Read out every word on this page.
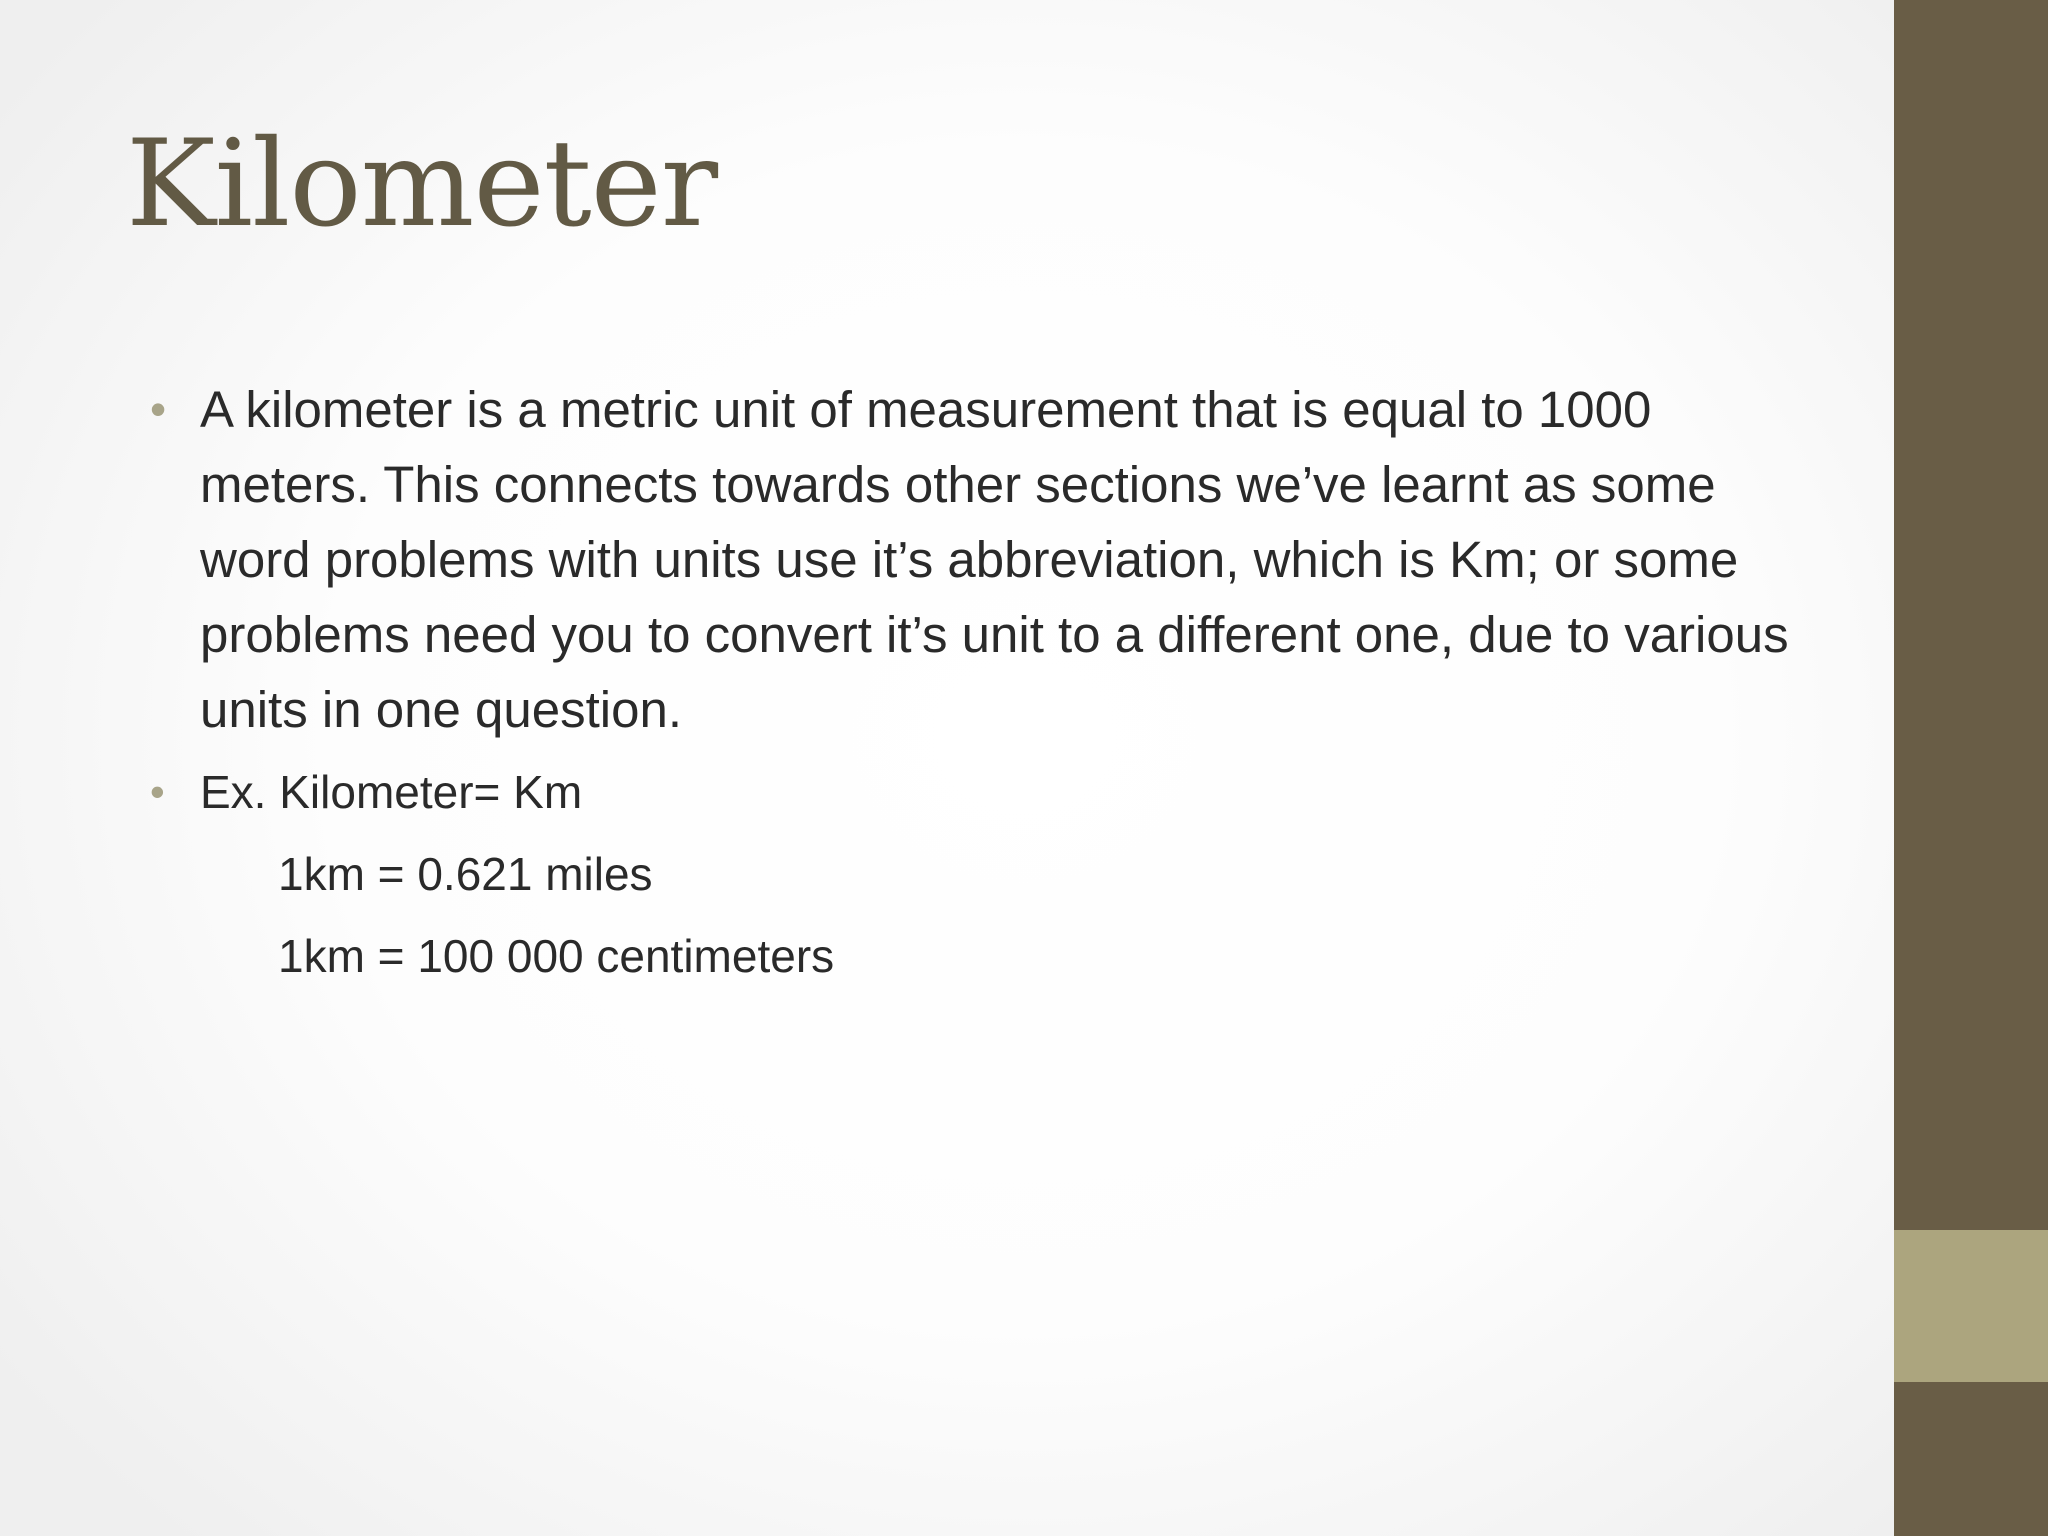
Kilometer
• A kilometer is a metric unit of measurement that is equal to 1000 meters. This connects towards other sections we’ve learnt as some word problems with units use it’s abbreviation, which is Km; or some problems need you to convert it’s unit to a different one, due to various units in one question.
• Ex. Kilometer= Km
1km = 0.621 miles
1km = 100 000 centimeters
